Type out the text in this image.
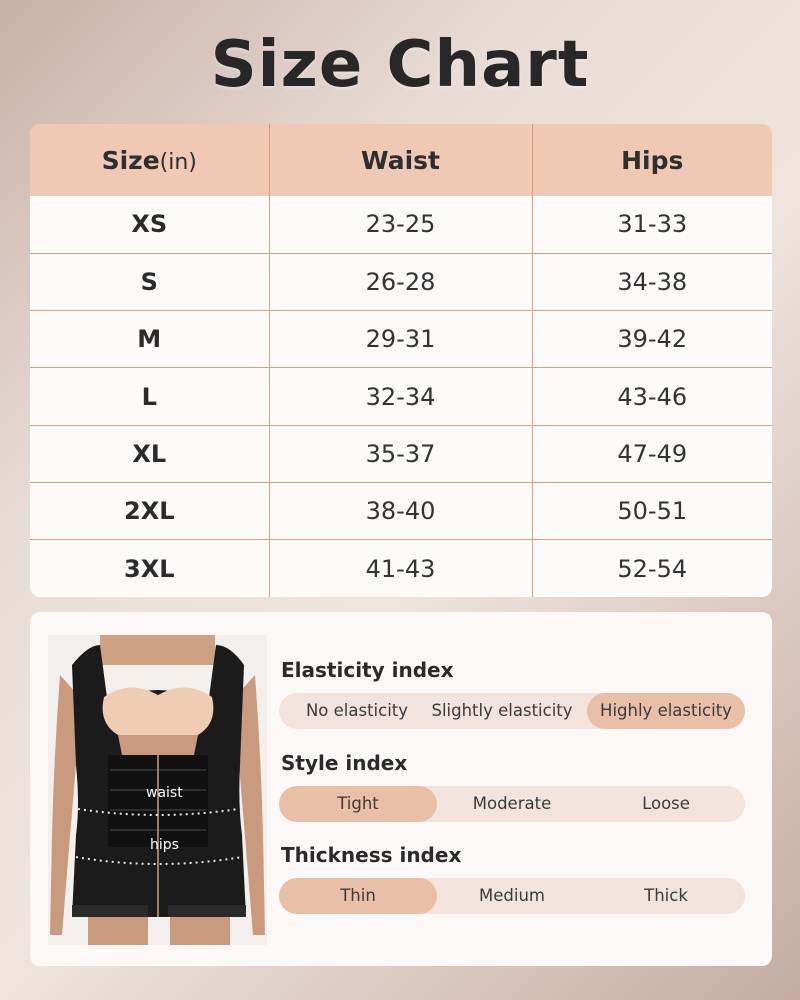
Size Chart
Size(in)	Waist	Hips
XS	23-25	31-33
S	26-28	34-38
M	29-31	39-42
L	32-34	43-46
XL	35-37	47-49
2XL	38-40	50-51
3XL	41-43	52-54
waist
hips
Elasticity index
No elasticity	Slightly elasticity	Highly elasticity
Style index
Tight	Moderate	Loose
Thickness index
Thin	Medium	Thick
